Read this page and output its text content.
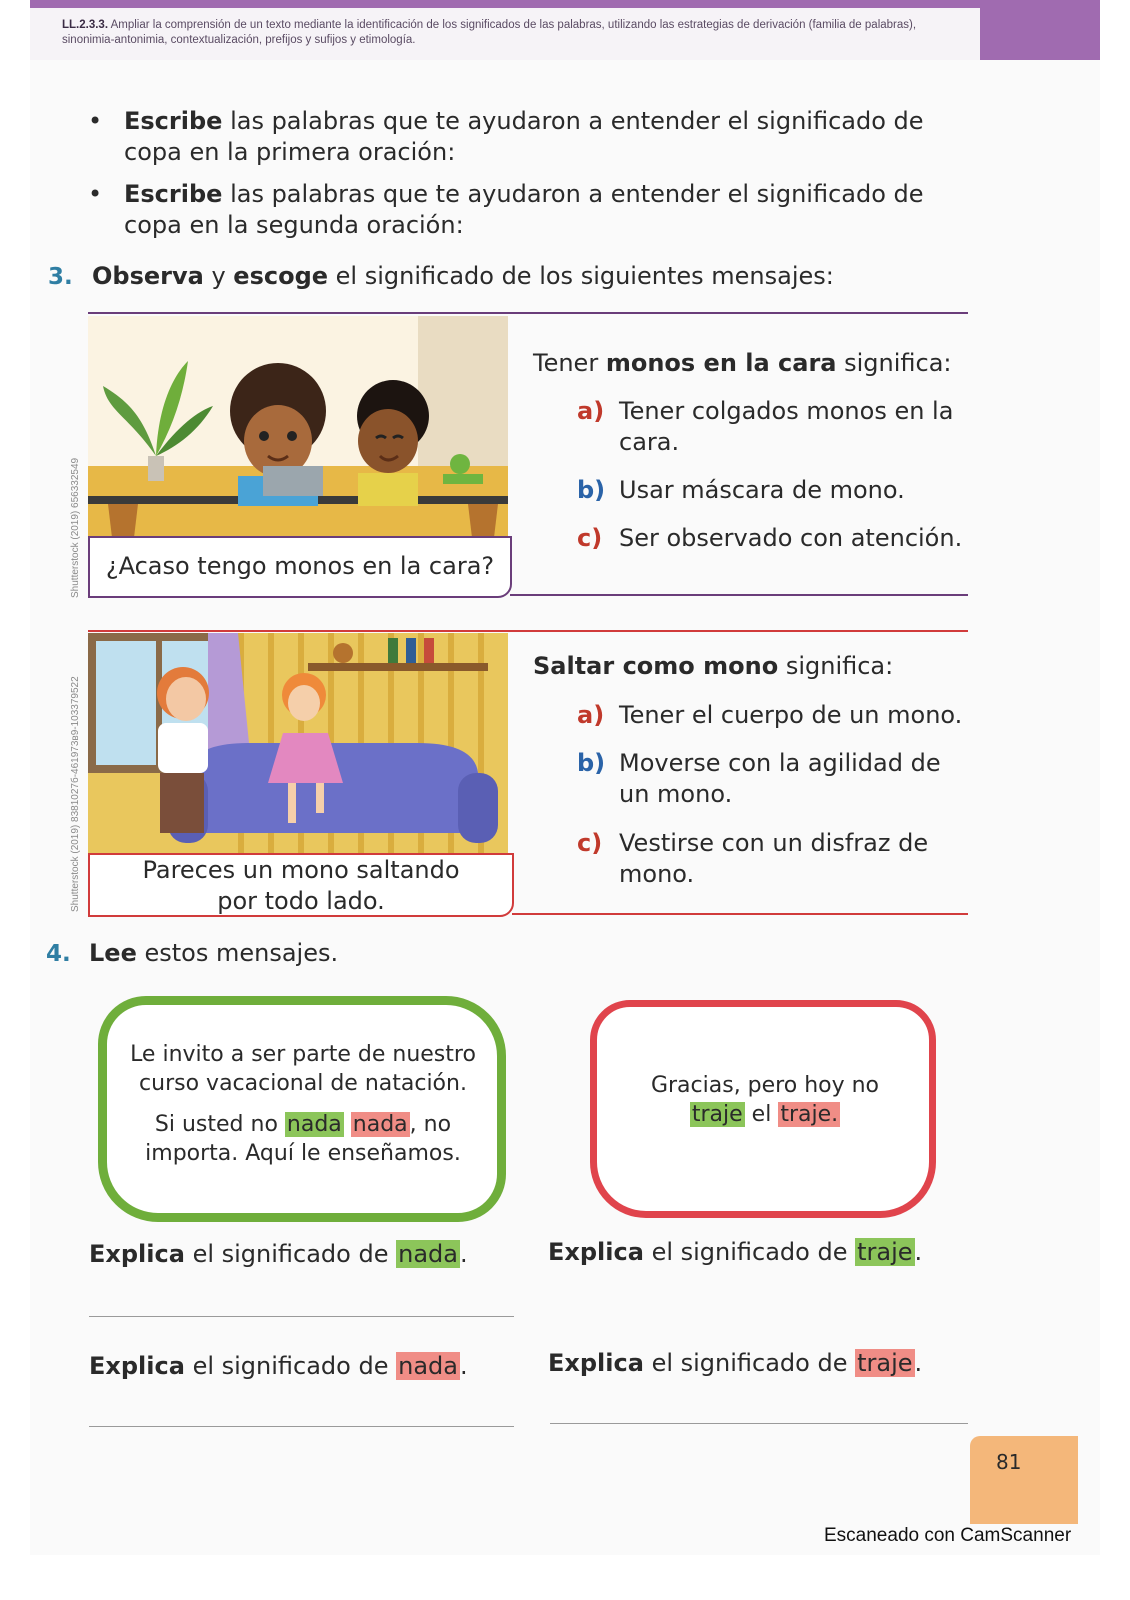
LL.2.3.3. Ampliar la comprensión de un texto mediante la identificación de los significados de las palabras, utilizando las estrategias de derivación (familia de palabras), sinonimia-antonimia, contextualización, prefijos y sufijos y etimología.
• Escribe las palabras que te ayudaron a entender el significado de copa en la primera oración:
• Escribe las palabras que te ayudaron a entender el significado de copa en la segunda oración:
3. Observa y escoge el significado de los siguientes mensajes:
Shutterstock (2019) 656332549	¿Acaso tengo monos en la cara?
Tener monos en la cara significa:
a) Tener colgados monos en la cara.
b) Usar máscara de mono.
c) Ser observado con atención.
Shutterstock (2019) 8381027б-461973в9-103379522	Pareces un mono saltando por todo lado.
Saltar como mono significa:
a) Tener el cuerpo de un mono.
b) Moverse con la agilidad de un mono.
c) Vestirse con un disfraz de mono.
4. Lee estos mensajes.
Le invito a ser parte de nuestro curso vacacional de natación.
Si usted no nada nada, no importa. Aquí le enseñamos.
Gracias, pero hoy no
traje el traje.
Explica el significado de nada.	Explica el significado de traje.
Explica el significado de nada.	Explica el significado de traje.
81
Escaneado con CamScanner
